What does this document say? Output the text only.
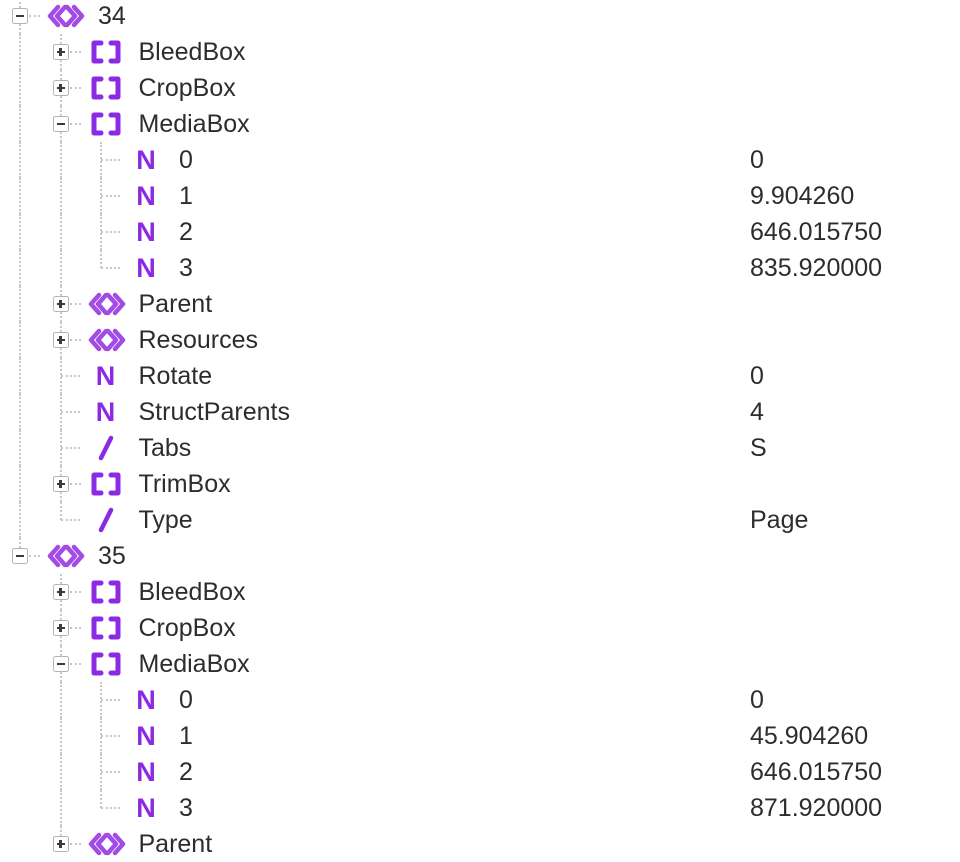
34
BleedBox
CropBox
MediaBox
N 0	0
N 1	9.904260
N 2	646.015750
N 3	835.920000
Parent
Resources
N Rotate	0
N StructParents	4
Tabs	S
TrimBox
Type	Page
35
BleedBox
CropBox
MediaBox
N 0	0
N 1	45.904260
N 2	646.015750
N 3	871.920000
Parent
